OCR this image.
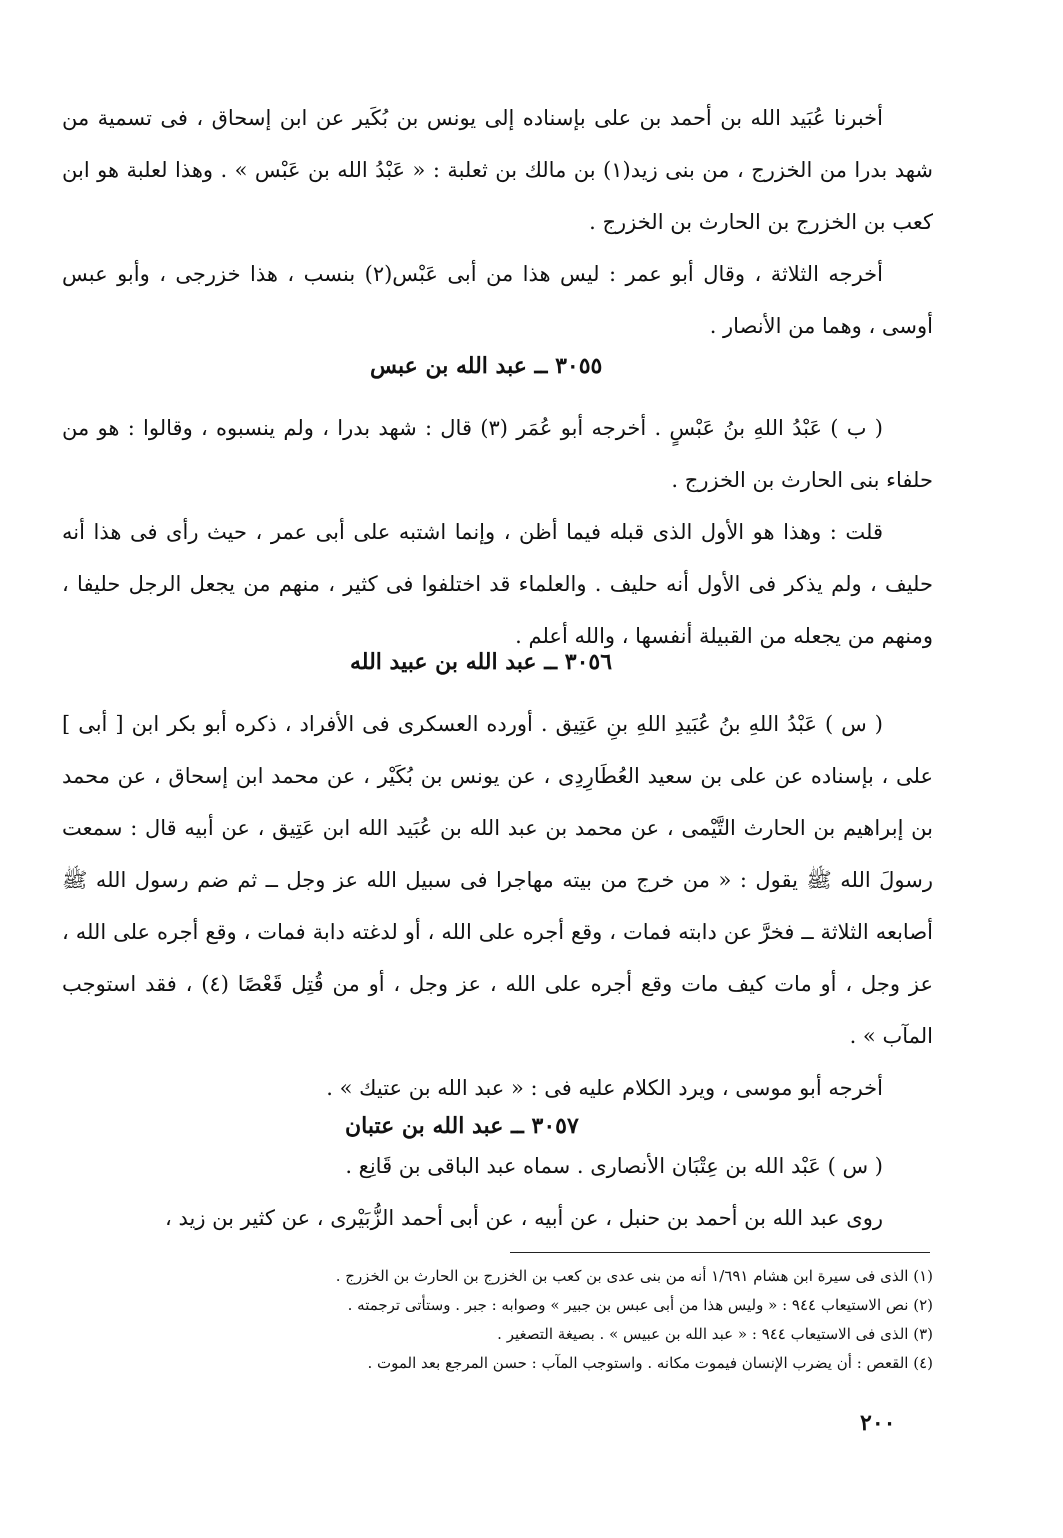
أخبرنا عُبَيد الله بن أحمد بن على بإسناده إلى يونس بن بُكَير عن ابن إسحاق ، فى تسمية من شهد بدرا من الخزرج ، من بنى زيد(١) بن مالك بن ثعلبة : « عَبْدُ الله بن عَبْس » . وهذا لعلبة هو ابن كعب بن الخزرج بن الحارث بن الخزرج .

أخرجه الثلاثة ، وقال أبو عمر : ليس هذا من أبى عَبْس(٢) بنسب ، هذا خزرجى ، وأبو عبس أوسى ، وهما من الأنصار .

٣٠٥٥ ــ عبد الله بن عبس

( ب ) عَبْدُ اللهِ بنُ عَبْسٍ . أخرجه أبو عُمَر (٣) قال : شهد بدرا ، ولم ينسبوه ، وقالوا : هو من حلفاء بنى الحارث بن الخزرج .

قلت : وهذا هو الأول الذى قبله فيما أظن ، وإنما اشتبه على أبى عمر ، حيث رأى فى هذا أنه حليف ، ولم يذكر فى الأول أنه حليف . والعلماء قد اختلفوا فى كثير ، منهم من يجعل الرجل حليفا ، ومنهم من يجعله من القبيلة أنفسها ، والله أعلم .

٣٠٥٦ ــ عبد الله بن عبيد الله

( س ) عَبْدُ اللهِ بنُ عُبَيدِ اللهِ بنِ عَتِيق . أورده العسكرى فى الأفراد ، ذكره أبو بكر ابن [ أبى ] على ، بإسناده عن على بن سعيد العُطَارِدِى ، عن يونس بن بُكَيْر ، عن محمد ابن إسحاق ، عن محمد بن إبراهيم بن الحارث التَّيْمى ، عن محمد بن عبد الله بن عُبَيد الله ابن عَتِيق ، عن أبيه قال : سمعت رسولَ الله ﷺ يقول : « من خرج من بيته مهاجرا فى سبيل الله عز وجل ــ ثم ضم رسول الله ﷺ أصابعه الثلاثة ــ فخرَّ عن دابته فمات ، وقع أجره على الله ، أو لدغته دابة فمات ، وقع أجره على الله ، عز وجل ، أو مات كيف مات وقع أجره على الله ، عز وجل ، أو من قُتِل قَعْصًا (٤) ، فقد استوجب المآب » .

أخرجه أبو موسى ، ويرد الكلام عليه فى : « عبد الله بن عتيك » .

٣٠٥٧ ــ عبد الله بن عتبان

( س ) عَبْد الله بن عِتْبَان الأنصارى . سماه عبد الباقى بن قَانِع .

روى عبد الله بن أحمد بن حنبل ، عن أبيه ، عن أبى أحمد الزُّبَيْرى ، عن كثير بن زيد ،

(١) الذى فى سيرة ابن هشام ١/٦٩١ أنه من بنى عدى بن كعب بن الخزرج بن الحارث بن الخزرج .

(٢) نص الاستيعاب ٩٤٤ : « وليس هذا من أبى عبس بن جبير » وصوابه : جبر . وستأتى ترجمته .

(٣) الذى فى الاستيعاب ٩٤٤ : « عبد الله بن عبيس » . بصيغة التصغير .

(٤) القعص : أن يضرب الإنسان فيموت مكانه . واستوجب المآب : حسن المرجع بعد الموت .

٢٠٠
